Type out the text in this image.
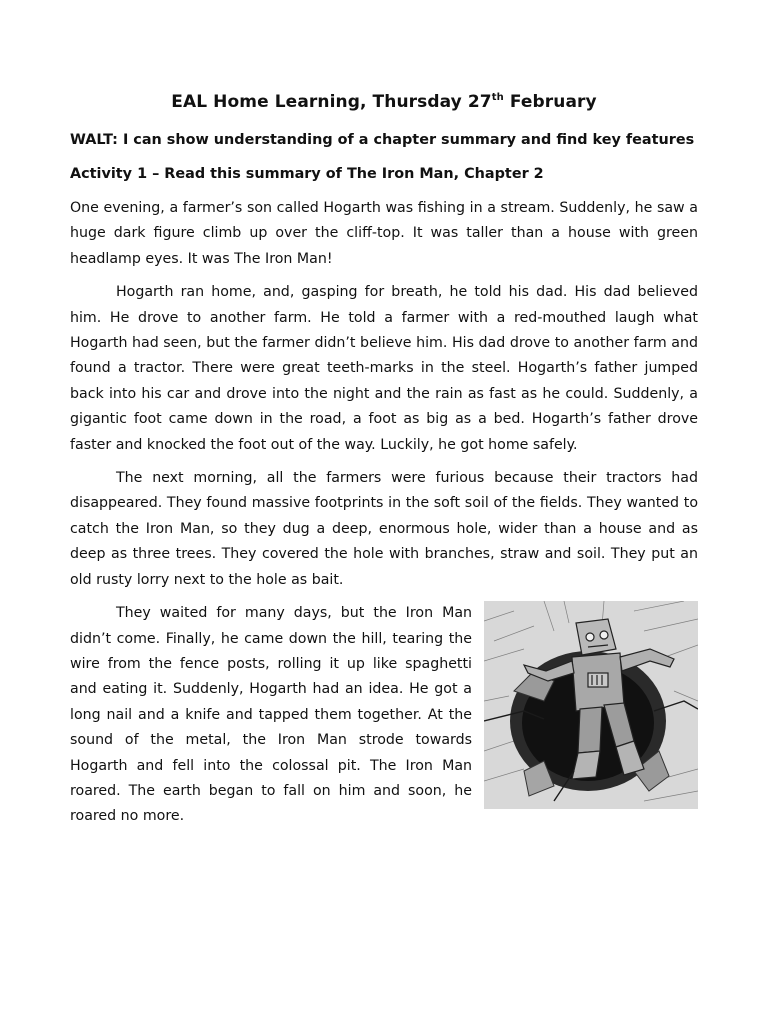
EAL Home Learning, Thursday 27th February
WALT: I can show understanding of a chapter summary and find key features
Activity 1 – Read this summary of The Iron Man, Chapter 2

One evening, a farmer’s son called Hogarth was fishing in a stream. Suddenly, he saw a huge dark figure climb up over the cliff-top. It was taller than a house with green headlamp eyes. It was The Iron Man!

Hogarth ran home, and, gasping for breath, he told his dad. His dad believed him. He drove to another farm. He told a farmer with a red-mouthed laugh what Hogarth had seen, but the farmer didn’t believe him. His dad drove to another farm and found a tractor. There were great teeth-marks in the steel. Hogarth’s father jumped back into his car and drove into the night and the rain as fast as he could. Suddenly, a gigantic foot came down in the road, a foot as big as a bed. Hogarth’s father drove faster and knocked the foot out of the way. Luckily, he got home safely.

The next morning, all the farmers were furious because their tractors had disappeared. They found massive footprints in the soft soil of the fields. They wanted to catch the Iron Man, so they dug a deep, enormous hole, wider than a house and as deep as three trees. They covered the hole with branches, straw and soil. They put an old rusty lorry next to the hole as bait.

They waited for many days, but the Iron Man didn’t come. Finally, he came down the hill, tearing the wire from the fence posts, rolling it up like spaghetti and eating it. Suddenly, Hogarth had an idea. He got a long nail and a knife and tapped them together. At the sound of the metal, the Iron Man strode towards Hogarth and fell into the colossal pit. The Iron Man roared. The earth began to fall on him and soon, he roared no more.
